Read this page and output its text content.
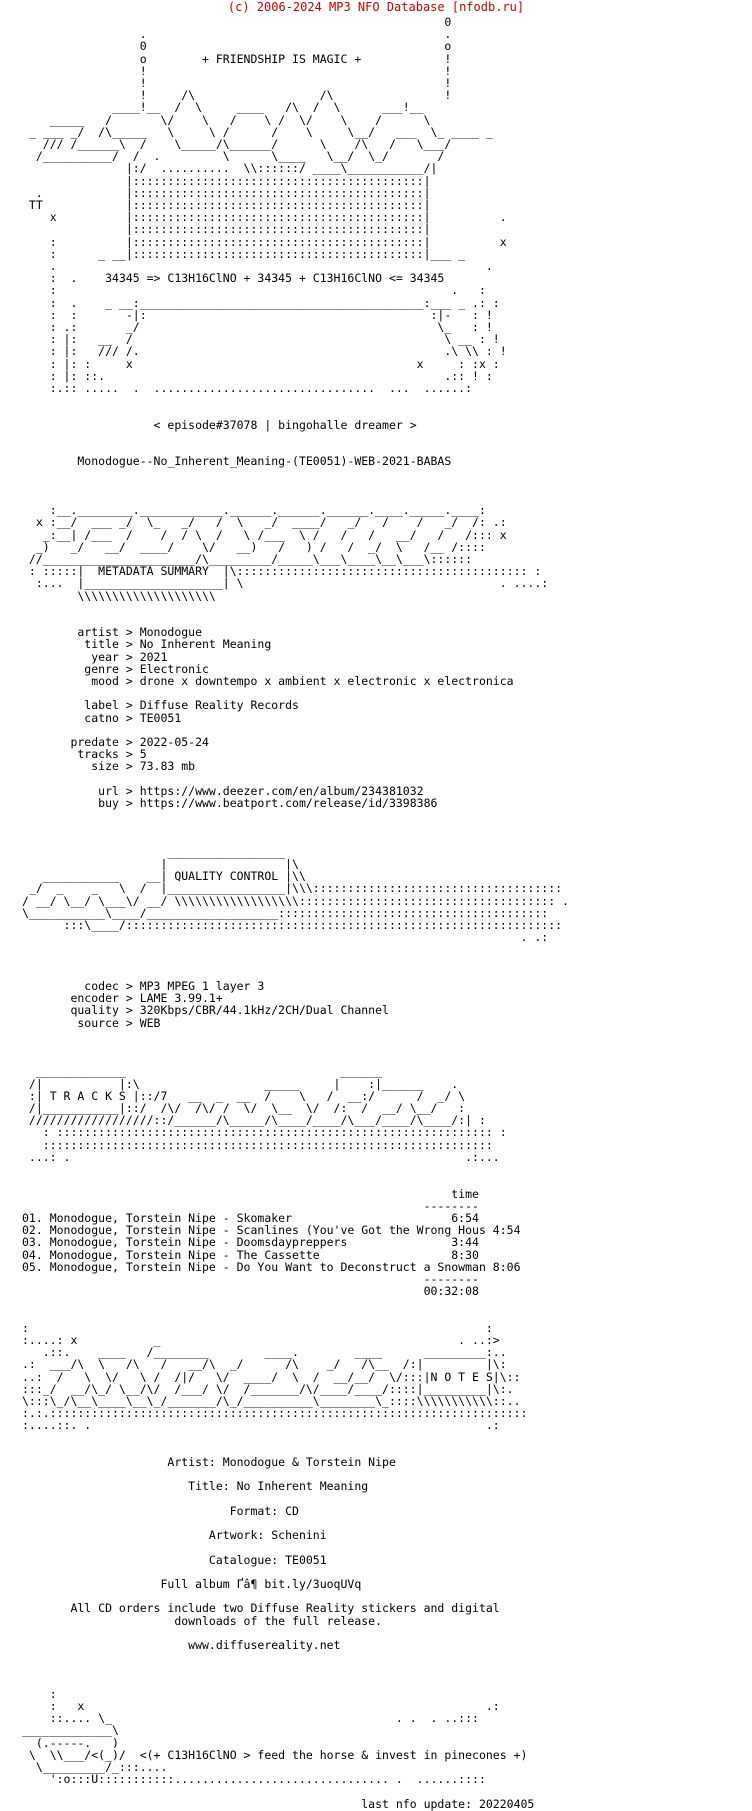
(c) 2006-2024 MP3 NFO Database [nfodb.ru]
0
.                                           .
0                                           o
o        + FRIENDSHIP IS MAGIC +            !
!                                           !
!                                           !
!     /\                  /\                !
____!__  /  \     ____   /\  /  \      ___!__
_____   /       \/    \   /    \ /  \/    \    /      \
_ ___ _/  /\_____   \     \ /      /    \     \__/   ___  \_ ____ _
/// /______\  /    \_____/\______/      \    /\   /   \___/
/__________/  /  .         \      \____   \__/  \_/       /
|:/  ..........  \\::::::/ ____\___________/|
|::::::::::::::::::::::::::::::::::::::::::|
.            |::::::::::::::::::::::::::::::::::::::::::|
TT            |::::::::::::::::::::::::::::::::::::::::::|
x          |::::::::::::::::::::::::::::::::::::::::::|          .
|::::::::::::::::::::::::::::::::::::::::::|
:          |::::::::::::::::::::::::::::::::::::::::::|          x
:      _ __|::::::::::::::::::::::::::::::::::::::::::|___ _
.                                                              .
:  .    34345 => C13H16ClNO + 34345 + C13H16ClNO <= 34345
:                                                         .   :
:  .    _ __:_________________________________________:___ _ .: :
:  :       -|:                                         :|-   : !
: .:       _/                                           \_   : !
: |:   __  /                                             \ __ : !
: |:   /// /.                                            .\ \\ : !
: |: :     x                                         x     : :x :
: |: ::.                                                 .:: ! :
:.:: .....  .  ................................  ...  ......:

< episode#37078 | bingohalle dreamer >

Monodogue--No_Inherent_Meaning-(TE0051)-WEB-2021-BABAS

:__.________.____________.______.______.______.____._____.____:
x :__/  ___ _/  \_   _/   /  \   _/  ____/   _/   /    /   _/  /: .:
_:__| /___  /    /  / \  /   \ /___  \ /   /   /   __/   /   /::: x
_)   _/   __/  ____/    \/   __)   /   ) /   /  _/  \   /__ /::::
//______________________/\_________/_____\___\____\__\___\::::::
: :::::|  METADATA SUMMARY  |\:::::::::::::::::::::::::::::::::::::::::: :
:...  |____________________| \                                     . ....:
\\\\\\\\\\\\\\\\\\\\

artist > Monodogue
title > No Inherent Meaning
year > 2021
genre > Electronic
mood > drone x downtempo x ambient x electronic x electronica

label > Diffuse Reality Records
catno > TE0051

predate > 2022-05-24
tracks > 5
size > 73.83 mb

url > https://www.deezer.com/en/album/234381032
buy > https://www.beatport.com/release/id/3398386

_________________
|                 |\
___________    __| QUALITY CONTROL |\\
_/  _    _   \  /  |_________________|\\\::::::::::::::::::::::::::::::::::::
/ __/ \__/ \___\/ __/ \\\\\\\\\\\\\\\\\\::::::::::::::::::::::::::::::::::::: .
\___________\____/___________________:::::::::::::::::::::::::::::::::::::::
:::\____/:::::::::::::::::::::::::::::::::::::::::::::::::::::::::::::::
. .:

codec > MP3 MPEG 1 layer 3
encoder > LAME 3.99.1+
quality > 320Kbps/CBR/44.1kHz/2CH/Dual Channel
source > WEB

_____________                               ______
/|           |:\                  _____     |    :|______    .
:| T R A C K S |::/7   __  _  __  /    \   /  __:/      /  _/ \
/|___________|::/  /\/  /\/ /  \/  \__  \/  /:  /  __/ \__/   :
//////////////////::/______/\_____/\____/____/\___/____/\____/:| :
: ::::::::::::::::::::::::::::::::::::::::::::::::::::::::::::::: :
:::::::::::::::::::::::::::::::::::::::::::::::::::::::::::::::::
...: .                                                         .:...

time
--------
01. Monodogue, Torstein Nipe - Skomaker                       6:54
02. Monodogue, Torstein Nipe - Scanlines (You've Got the Wrong Hous 4:54
03. Monodogue, Torstein Nipe - Doomsdaypreppers               3:44
04. Monodogue, Torstein Nipe - The Cassette                   8:30
05. Monodogue, Torstein Nipe - Do You Want to Deconstruct a Snowman 8:06
--------
00:32:08

:                                                                  :
:....: x           _                                           . ..:>
.::.    ____   /________        ____.        ____      _________:..
.:  ___/\  \   /\   /   __/\  _/      /\    _/   /\__  /:|         |\:
..:  /   \  \/   \ /  /|/   \/  ____/  \  /  __/__/  \/:::|N O T E S|\::
:::_/  __/\_/ \__/\/  /___/ \/  /_______/\/____/____/::::|_________|\:.
\:::\_/\__\____\__\_/_______/\_/__________\________\_::::\\\\\\\\\\\::..
:.:.:::::::::::::::::::::::::::::::::::::::::::::::::::::::::::::::::::::
:....::. .                                                         .:

Artist: Monodogue & Torstein Nipe

Title: No Inherent Meaning

Format: CD

Artwork: Schenini

Catalogue: TE0051

Full album Ґâ¶ bit.ly/3uoqUVq

All CD orders include two Diffuse Reality stickers and digital
downloads of the full release.

www.diffusereality.net

:
:   x                                                          .:
::.... \_                                         . .  . ..:::
_____________\
(.-----.   )
\  \\___/<(_)/  <(+ C13H16ClNO > feed the horse & invest in pinecones +)
\_________/_:::....
':o:::U:::::::::::............................... .  ......::::

last nfo update: 20220405
